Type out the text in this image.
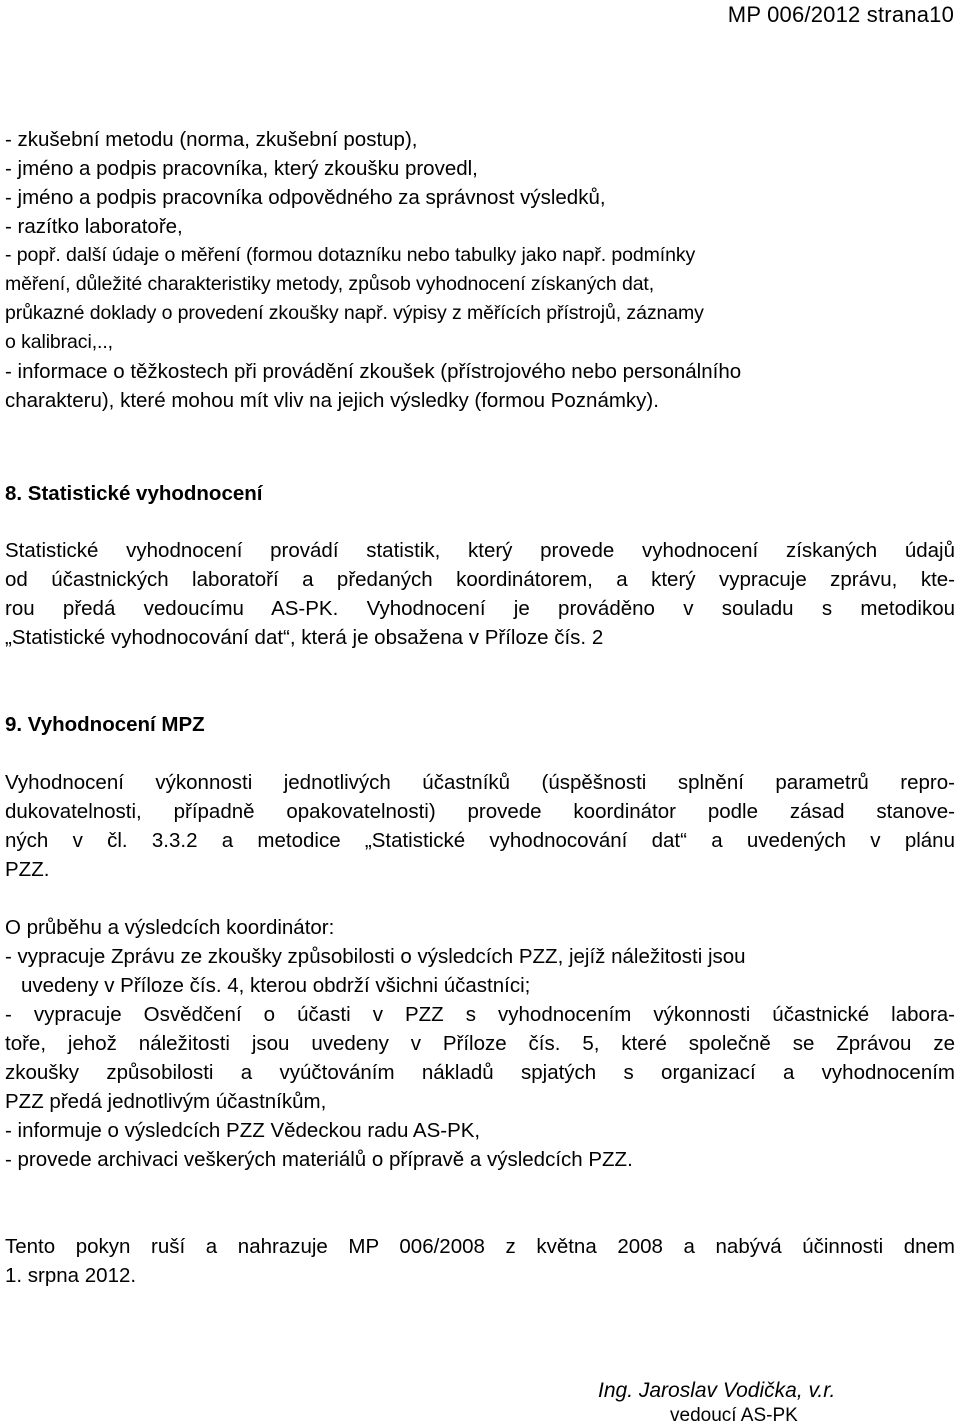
MP 006/2012 strana10
- zkušební metodu (norma, zkušební postup),
- jméno a podpis pracovníka, který zkoušku provedl,
- jméno a podpis pracovníka odpovědného za správnost výsledků,
- razítko laboratoře,
- popř. další údaje o měření (formou dotazníku nebo tabulky jako např. podmínky
měření, důležité charakteristiky metody, způsob vyhodnocení získaných dat,
průkazné doklady o provedení zkoušky např. výpisy z měřících přístrojů, záznamy
o kalibraci,..,
- informace o těžkostech při provádění zkoušek (přístrojového nebo personálního
charakteru), které mohou mít vliv na jejich výsledky (formou Poznámky).
8. Statistické vyhodnocení
Statistické vyhodnocení provádí statistik, který provede vyhodnocení získaných údajů
od účastnických laboratoří a předaných koordinátorem, a který vypracuje zprávu, kte-
rou předá vedoucímu AS-PK. Vyhodnocení je prováděno v souladu s metodikou
„Statistické vyhodnocování dat“, která je obsažena v Příloze čís. 2
9. Vyhodnocení MPZ
Vyhodnocení výkonnosti jednotlivých účastníků (úspěšnosti splnění parametrů repro-
dukovatelnosti, případně opakovatelnosti) provede koordinátor podle zásad stanove-
ných v čl. 3.3.2 a metodice „Statistické vyhodnocování dat“ a uvedených v plánu
PZZ.
O průběhu a výsledcích koordinátor:
- vypracuje Zprávu ze zkoušky způsobilosti o výsledcích PZZ, jejíž náležitosti jsou
uvedeny v Příloze čís. 4, kterou obdrží všichni účastníci;
- vypracuje Osvědčení o účasti v PZZ s vyhodnocením výkonnosti účastnické labora-
toře, jehož náležitosti jsou uvedeny v Příloze čís. 5, které společně se Zprávou ze
zkoušky způsobilosti a vyúčtováním nákladů spjatých s organizací a vyhodnocením
PZZ předá jednotlivým účastníkům,
- informuje o výsledcích PZZ Vědeckou radu AS-PK,
- provede archivaci veškerých materiálů o přípravě a výsledcích PZZ.
Tento pokyn ruší a nahrazuje MP 006/2008 z května 2008 a nabývá účinnosti dnem
1. srpna 2012.
Ing. Jaroslav Vodička, v.r.
vedoucí AS-PK
